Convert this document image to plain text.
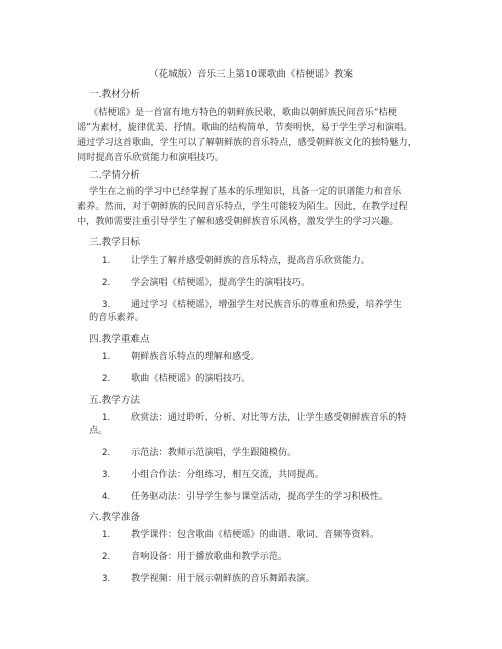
（花城版）音乐三上第10课歌曲《桔梗谣》教案
一.教材分析
《桔梗谣》是一首富有地方特色的朝鲜族民歌，歌曲以朝鲜族民间音乐“桔梗
谣”为素材，旋律优美、抒情。歌曲的结构简单，节奏明快，易于学生学习和演唱。
通过学习这首歌曲，学生可以了解朝鲜族的音乐特点，感受朝鲜族文化的独特魅力，
同时提高音乐欣赏能力和演唱技巧。
二.学情分析
学生在之前的学习中已经掌握了基本的乐理知识，具备一定的识谱能力和音乐
素养。然而，对于朝鲜族的民间音乐特点，学生可能较为陌生。因此，在教学过程
中，教师需要注重引导学生了解和感受朝鲜族音乐风格，激发学生的学习兴趣。
三.教学目标
1. 让学生了解并感受朝鲜族的音乐特点，提高音乐欣赏能力。
2. 学会演唱《桔梗谣》，提高学生的演唱技巧。
3. 通过学习《桔梗谣》，增强学生对民族音乐的尊重和热爱，培养学生
的音乐素养。
四.教学重难点
1. 朝鲜族音乐特点的理解和感受。
2. 歌曲《桔梗谣》的演唱技巧。
五.教学方法
1. 欣赏法：通过聆听、分析、对比等方法，让学生感受朝鲜族音乐的特
点。
2. 示范法：教师示范演唱，学生跟随模仿。
3. 小组合作法：分组练习，相互交流，共同提高。
4. 任务驱动法：引导学生参与课堂活动，提高学生的学习积极性。
六.教学准备
1. 教学课件：包含歌曲《桔梗谣》的曲谱、歌词、音频等资料。
2. 音响设备：用于播放歌曲和教学示范。
3. 教学视频：用于展示朝鲜族的音乐舞蹈表演。
